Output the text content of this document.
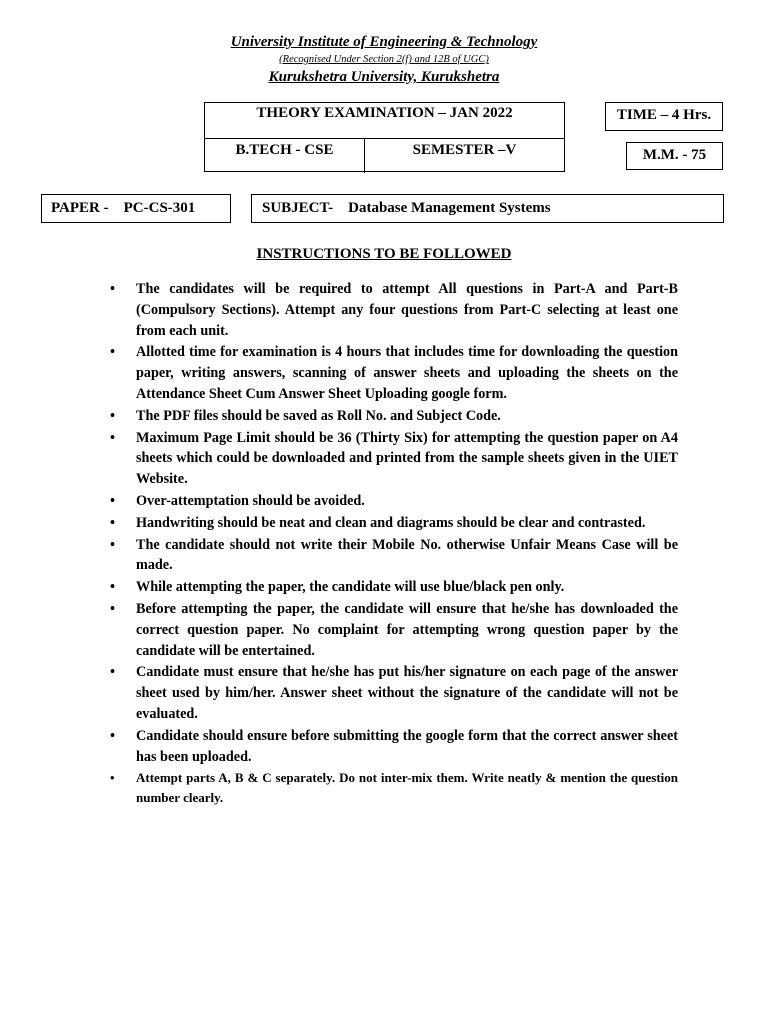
University Institute of Engineering & Technology
(Recognised Under Section 2(f) and 12B of UGC)
Kurukshetra University, Kurukshetra
THEORY EXAMINATION – JAN 2022
B.TECH - CSE	SEMESTER –V
TIME – 4 Hrs.
M.M. - 75
PAPER -    PC-CS-301	SUBJECT-    Database Management Systems
INSTRUCTIONS TO BE FOLLOWED
• The candidates will be required to attempt All questions in Part-A and Part-B (Compulsory Sections). Attempt any four questions from Part-C selecting at least one from each unit.
• Allotted time for examination is 4 hours that includes time for downloading the question paper, writing answers, scanning of answer sheets and uploading the sheets on the Attendance Sheet Cum Answer Sheet Uploading google form.
• The PDF files should be saved as Roll No. and Subject Code.
• Maximum Page Limit should be 36 (Thirty Six) for attempting the question paper on A4 sheets which could be downloaded and printed from the sample sheets given in the UIET Website.
• Over-attemptation should be avoided.
• Handwriting should be neat and clean and diagrams should be clear and contrasted.
• The candidate should not write their Mobile No. otherwise Unfair Means Case will be made.
• While attempting the paper, the candidate will use blue/black pen only.
• Before attempting the paper, the candidate will ensure that he/she has downloaded the correct question paper. No complaint for attempting wrong question paper by the candidate will be entertained.
• Candidate must ensure that he/she has put his/her signature on each page of the answer sheet used by him/her. Answer sheet without the signature of the candidate will not be evaluated.
• Candidate should ensure before submitting the google form that the correct answer sheet has been uploaded.
• Attempt parts A, B & C separately. Do not inter-mix them. Write neatly & mention the question number clearly.
